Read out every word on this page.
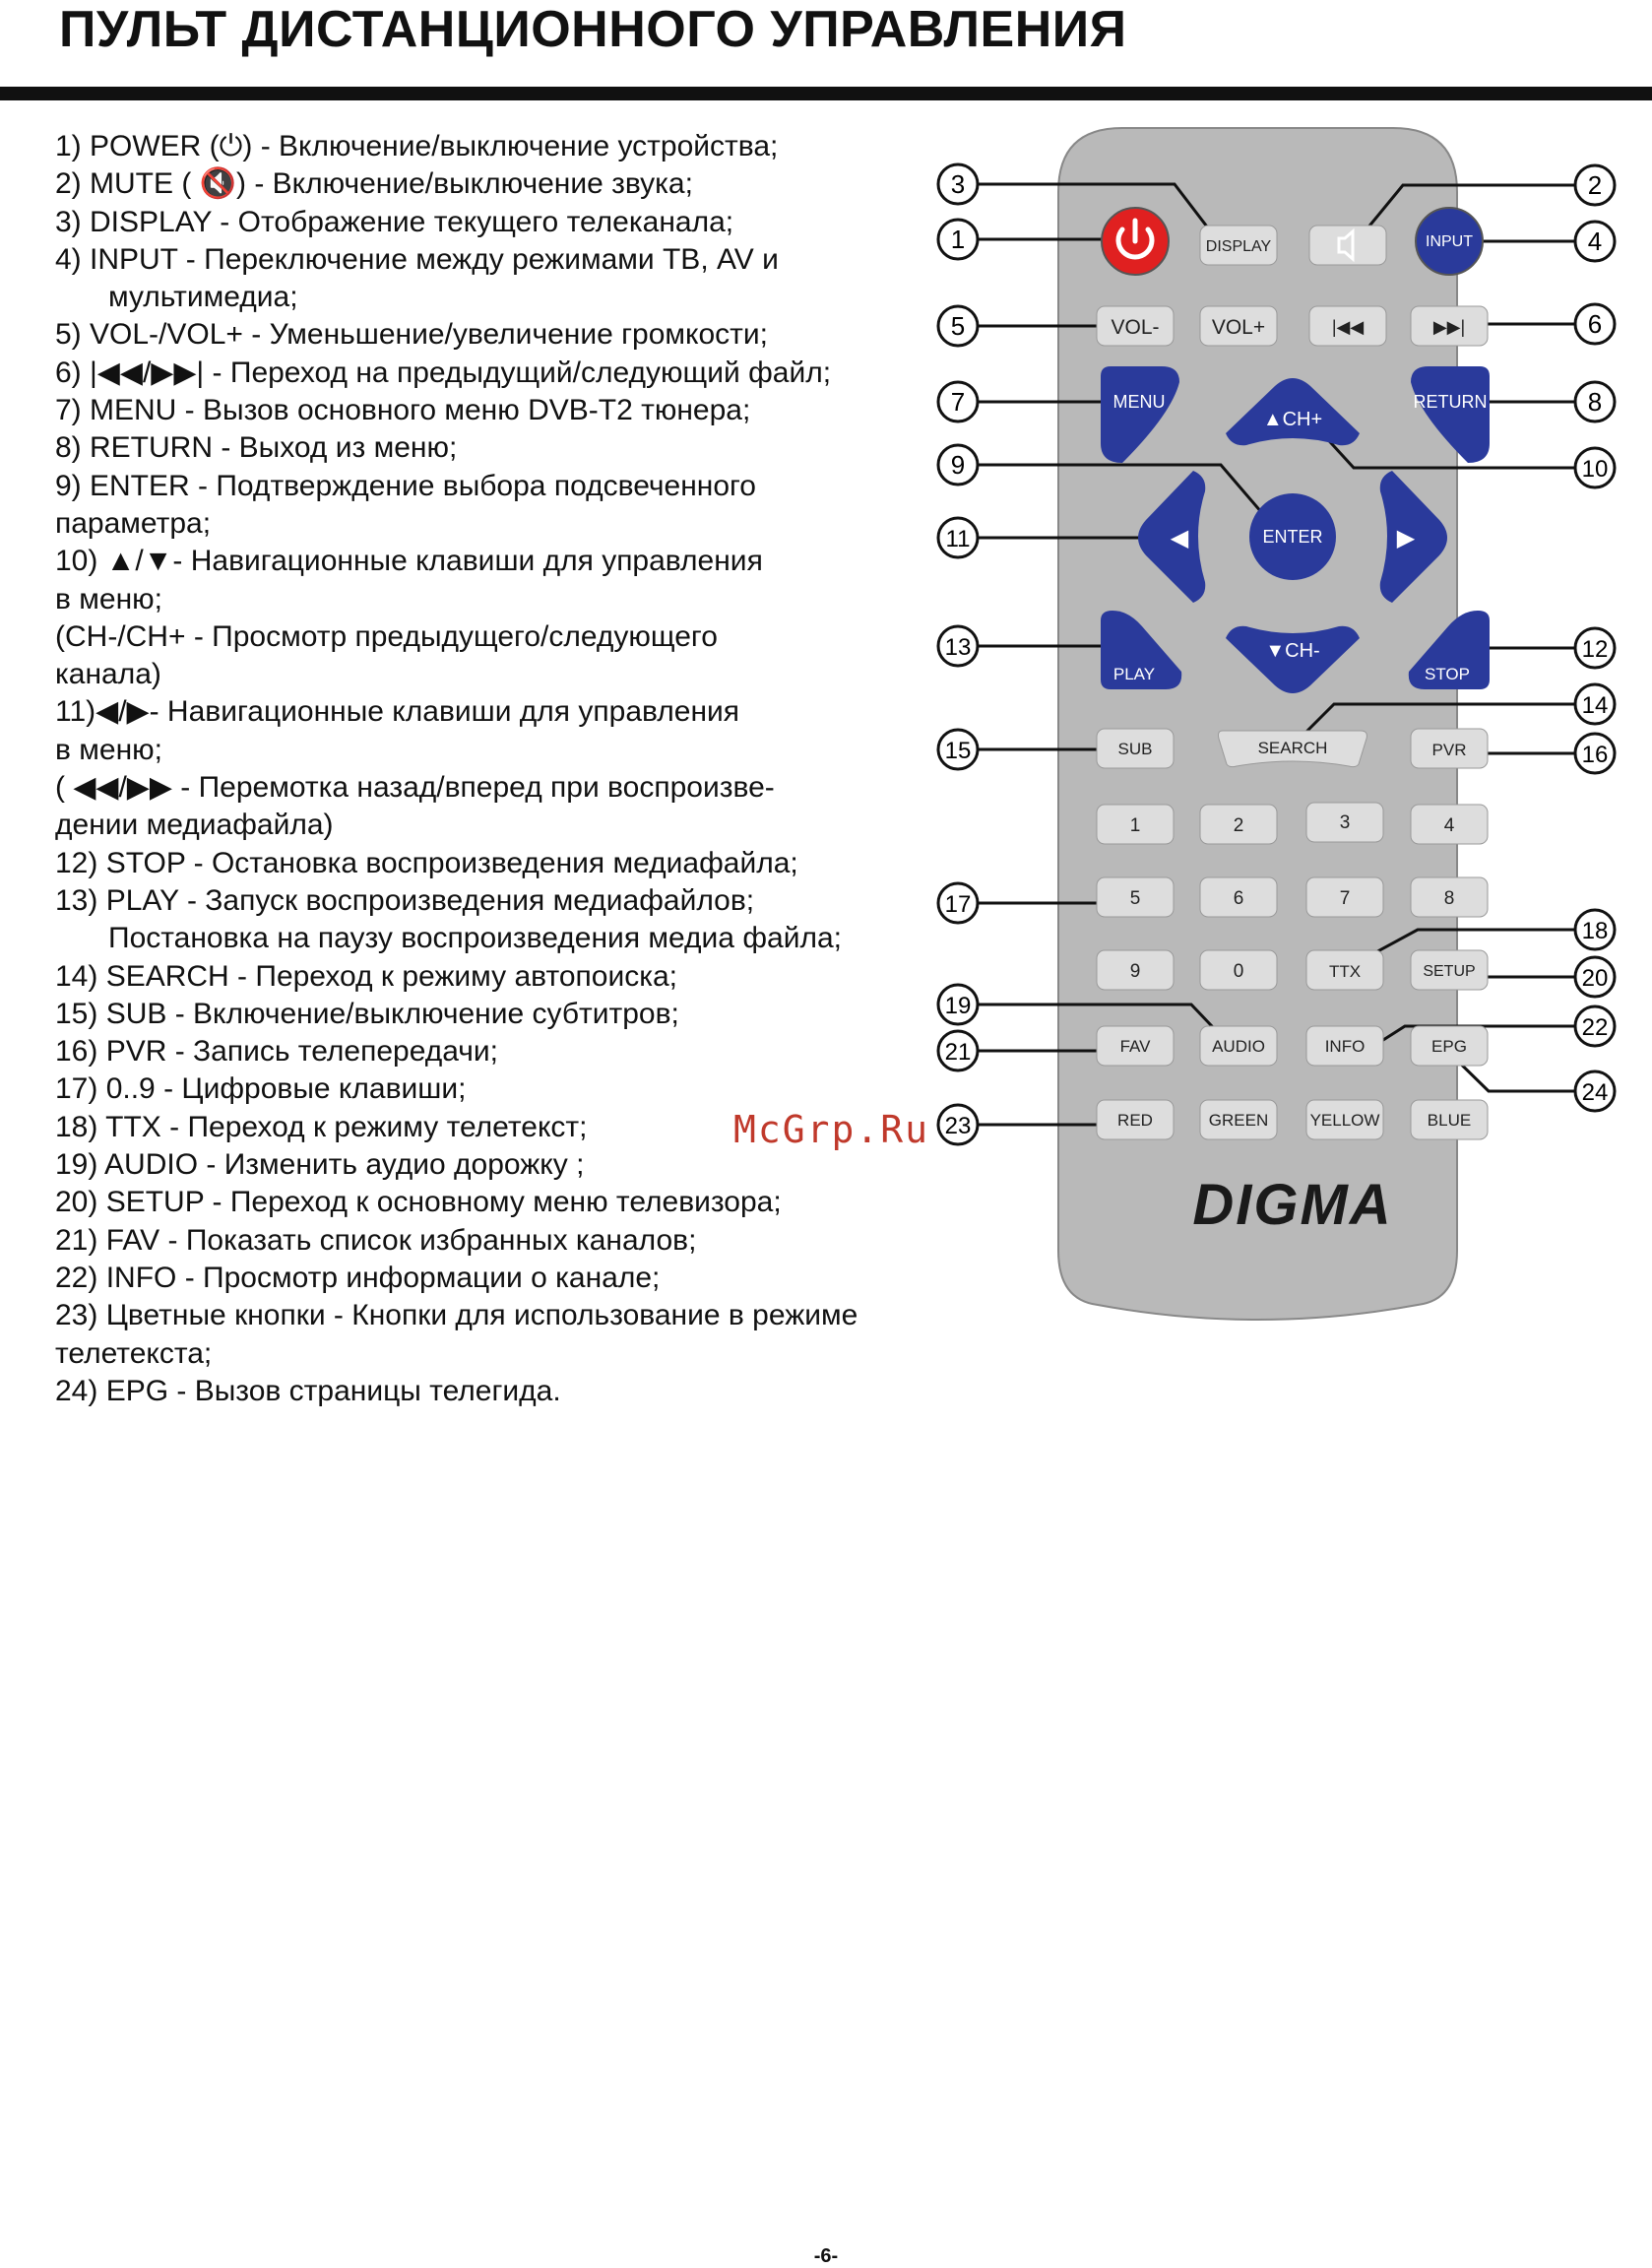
ПУЛЬТ ДИСТАНЦИОННОГО УПРАВЛЕНИЯ
1) POWER (⏻) - Включение/выключение устройства;
2) MUTE ( 🔇) - Включение/выключение звука;
3) DISPLAY - Отображение текущего телеканала;
4) INPUT - Переключение между режимами ТВ, AV и
мультимедиа;
5) VOL-/VOL+ - Уменьшение/увеличение громкости;
6) |◀◀/▶▶| - Переход на предыдущий/следующий файл;
7) MENU - Вызов основного меню DVB-T2 тюнера;
8) RETURN - Выход из меню;
9) ENTER - Подтверждение выбора подсвеченного
параметра;
10) ▲/▼- Навигационные клавиши для управления
в меню;
(CH-/CH+ - Просмотр предыдущего/следующего
канала)
11)◀/▶- Навигационные клавиши для управления
в меню;
( ◀◀/▶▶ - Перемотка назад/вперед при воспроизве-
дении медиафайла)
12) STOP - Остановка воспроизведения медиафайла;
13) PLAY - Запуск воспроизведения медиафайлов;
Постановка на паузу воспроизведения медиа файла;
14) SEARCH - Переход к режиму автопоиска;
15) SUB - Включение/выключение субтитров;
16) PVR - Запись телепередачи;
17) 0..9 - Цифровые клавиши;
18) TTX - Переход к режиму телетекст;
19) AUDIO - Изменить аудио дорожку ;
20) SETUP - Переход к основному меню телевизора;
21) FAV - Показать список избранных каналов;
22) INFO - Просмотр информации о канале;
23) Цветные кнопки - Кнопки для использование в режиме
телетекста;
24) EPG - Вызов страницы телегида.
McGrp.Ru
DISPLAY	INPUT
VOL-	VOL+	|◀◀	▶▶|
MENU	RETURN
▲CH+
▼CH-
◀	▶
ENTER
PLAY	STOP
SUB	SEARCH	PVR
1	2	3	4
5	6	7	8
9	0	TTX	SETUP
FAV	AUDIO	INFO	EPG
RED	GREEN YELLOW	BLUE
DIGMA
3
1
2
4
5	6
7	8
9	10
11
12
13
14
15	16
17
18
19
20
21
22
23
24
-6-
